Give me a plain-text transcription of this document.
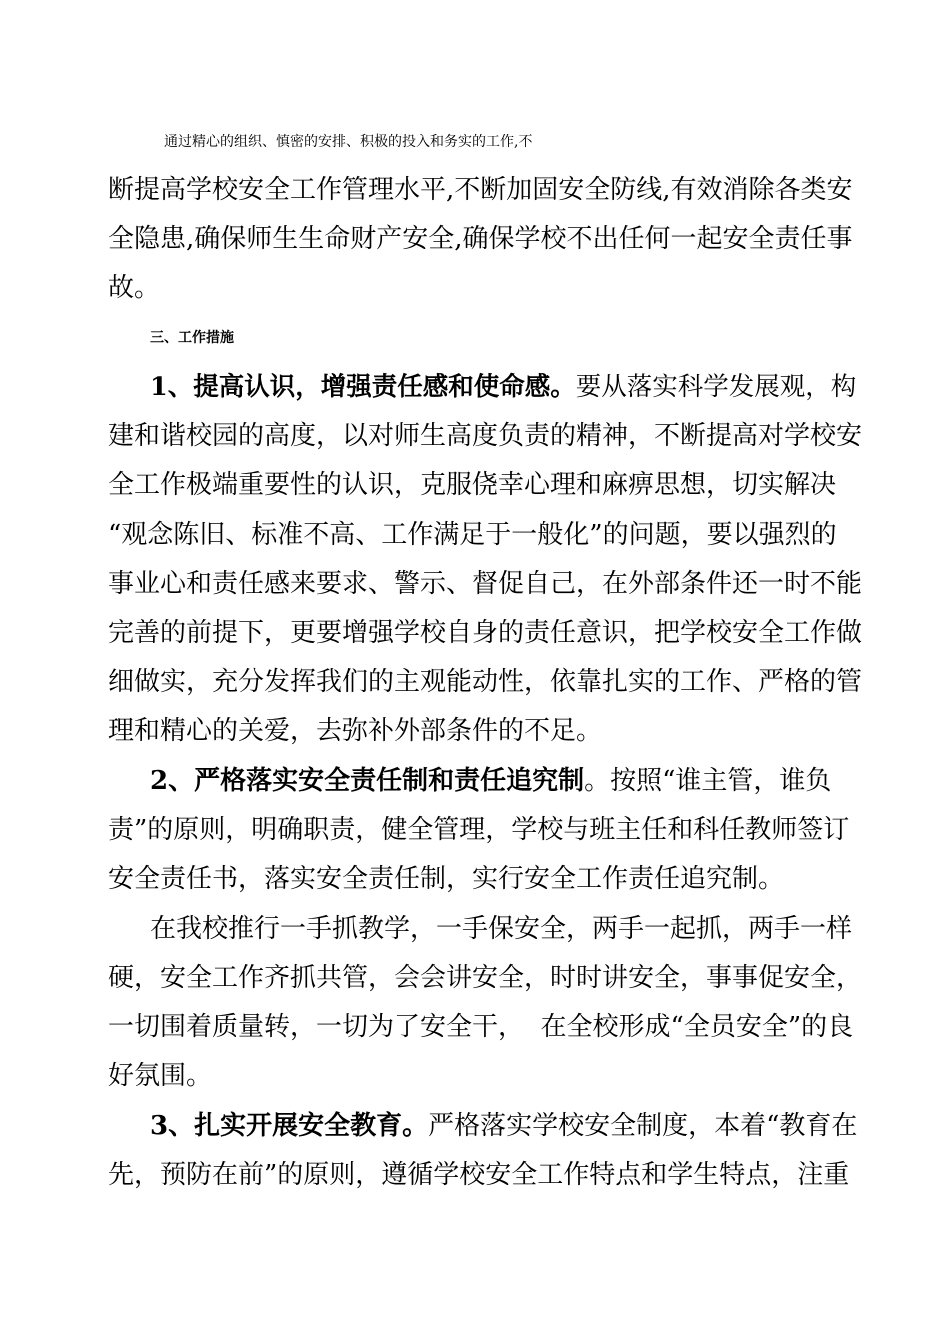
通过精心的组织、慎密的安排、积极的投入和务实的工作,不
断提高学校安全工作管理水平,不断加固安全防线,有效消除各类安
全隐患,确保师生生命财产安全,确保学校不出任何一起安全责任事
故。
三、工作措施
1、提高认识，增强责任感和使命感。要从落实科学发展观，构
建和谐校园的高度，以对师生高度负责的精神，不断提高对学校安
全工作极端重要性的认识，克服侥幸心理和麻痹思想，切实解决
“观念陈旧、标准不高、工作满足于一般化”的问题，要以强烈的
事业心和责任感来要求、警示、督促自己，在外部条件还一时不能
完善的前提下，更要增强学校自身的责任意识，把学校安全工作做
细做实，充分发挥我们的主观能动性，依靠扎实的工作、严格的管
理和精心的关爱，去弥补外部条件的不足。
2、严格落实安全责任制和责任追究制。按照“谁主管，谁负
责”的原则，明确职责，健全管理，学校与班主任和科任教师签订
安全责任书，落实安全责任制，实行安全工作责任追究制。
在我校推行一手抓教学，一手保安全，两手一起抓，两手一样
硬，安全工作齐抓共管，会会讲安全，时时讲安全，事事促安全，
一切围着质量转，一切为了安全干，  在全校形成“全员安全”的良
好氛围。
3、扎实开展安全教育。严格落实学校安全制度，本着“教育在
先，预防在前”的原则，遵循学校安全工作特点和学生特点，注重
